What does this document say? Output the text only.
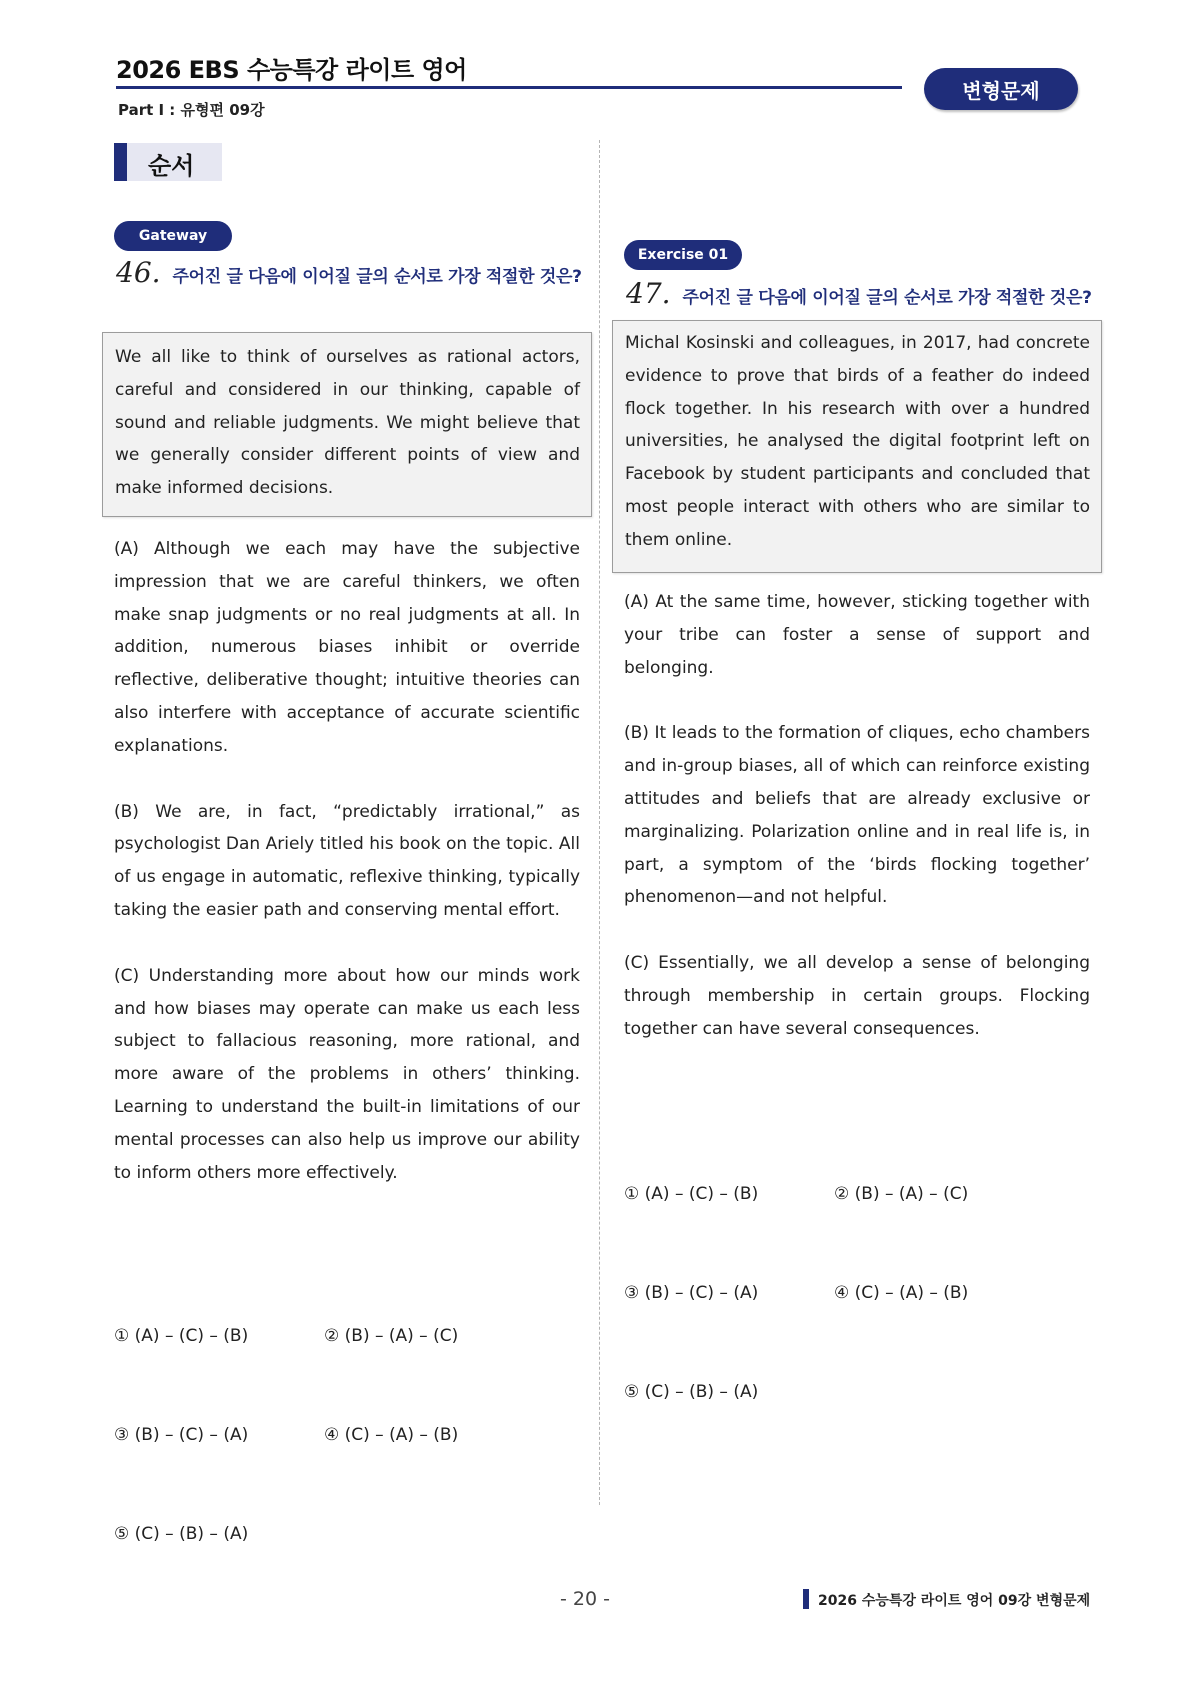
2026 EBS 수능특강 라이트 영어
Part Ⅰ : 유형편 09강
변형문제
순서
Gateway
46. 주어진 글 다음에 이어질 글의 순서로 가장 적절한 것은?

We all like to think of ourselves as rational actors, careful and considered in our thinking, capable of sound and reliable judgments. We might believe that we generally consider different points of view and make informed decisions.

(A) Although we each may have the subjective impression that we are careful thinkers, we often make snap judgments or no real judgments at all. In addition, numerous biases inhibit or override reflective, deliberative thought; intuitive theories can also interfere with acceptance of accurate scientific explanations.

(B) We are, in fact, “predictably irrational,” as psychologist Dan Ariely titled his book on the topic. All of us engage in automatic, reflexive thinking, typically taking the easier path and conserving mental effort.

(C) Understanding more about how our minds work and how biases may operate can make us each less subject to fallacious reasoning, more rational, and more aware of the problems in others’ thinking. Learning to understand the built-in limitations of our mental processes can also help us improve our ability to inform others more effectively.

① (A) – (C) – (B)	② (B) – (A) – (C)

③ (B) – (C) – (A)	④ (C) – (A) – (B)

⑤ (C) – (B) – (A)

Exercise 01
47. 주어진 글 다음에 이어질 글의 순서로 가장 적절한 것은?

Michal Kosinski and colleagues, in 2017, had concrete evidence to prove that birds of a feather do indeed flock together. In his research with over a hundred universities, he analysed the digital footprint left on Facebook by student participants and concluded that most people interact with others who are similar to them online.

(A) At the same time, however, sticking together with your tribe can foster a sense of support and belonging.

(B) It leads to the formation of cliques, echo chambers and in-group biases, all of which can reinforce existing attitudes and beliefs that are already exclusive or marginalizing. Polarization online and in real life is, in part, a symptom of the ‘birds flocking together’ phenomenon—and not helpful.

(C) Essentially, we all develop a sense of belonging through membership in certain groups. Flocking together can have several consequences.

① (A) – (C) – (B)	② (B) – (A) – (C)

③ (B) – (C) – (A)	④ (C) – (A) – (B)

⑤ (C) – (B) – (A)

- 20 -	2026 수능특강 라이트 영어 09강 변형문제
